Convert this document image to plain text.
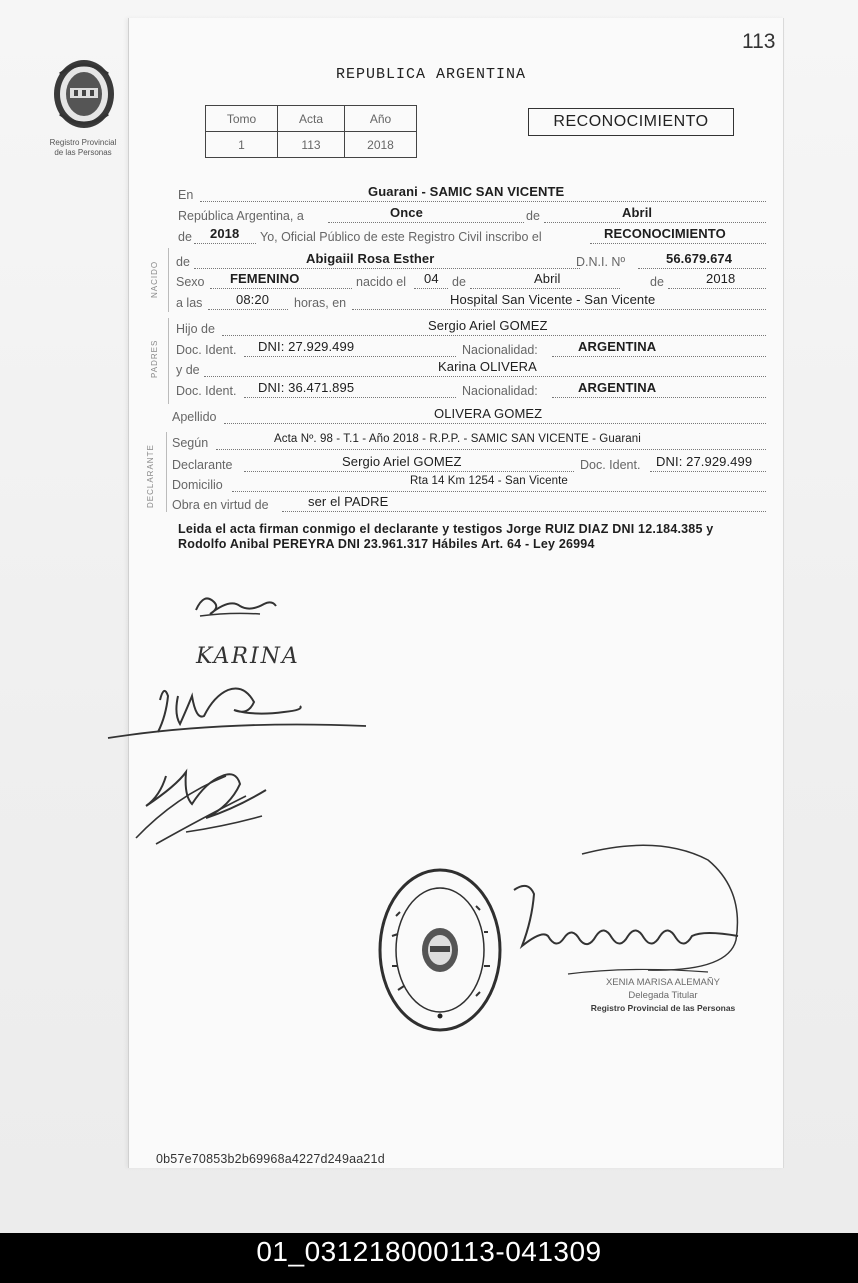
113
Registro Provincial
de las Personas
REPUBLICA ARGENTINA
Tomo	Acta	Año
1	113	2018
RECONOCIMIENTO
En	Guarani - SAMIC SAN VICENTE
República Argentina, a	Once	de	Abril
de 2018 Yo, Oficial Público de este Registro Civil inscribo el	RECONOCIMIENTO
NACIDO de	Abigaiil Rosa Esther	D.N.I. Nº	56.679.674
Sexo FEMENINO	nacido el 04 de	Abril	de	2018
a las	08:20 horas, en	Hospital San Vicente - San Vicente
PADRES
Hijo de	Sergio Ariel GOMEZ
Doc. Ident. DNI: 27.929.499	Nacionalidad:	ARGENTINA
y de	Karina OLIVERA
Doc. Ident. DNI: 36.471.895	Nacionalidad:	ARGENTINA
Apellido	OLIVERA GOMEZ
DECLARANTE
Según	Acta Nº. 98 - T.1 - Año 2018 - R.P.P. - SAMIC SAN VICENTE - Guarani
Declarante	Sergio Ariel GOMEZ	Doc. Ident. DNI: 27.929.499
Domicilio	Rta 14 Km 1254 - San Vicente
Obra en virtud de	ser el PADRE
Leida el acta firman conmigo el declarante y testigos Jorge RUIZ DIAZ DNI 12.184.385 y Rodolfo Anibal PEREYRA DNI 23.961.317 Hábiles Art. 64 - Ley 26994
KARINA
XENIA MARISA ALEMAÑY
Delegada Titular
Registro Provincial de las Personas
0b57e70853b2b69968a4227d249aa21d
01_031218000113-041309
